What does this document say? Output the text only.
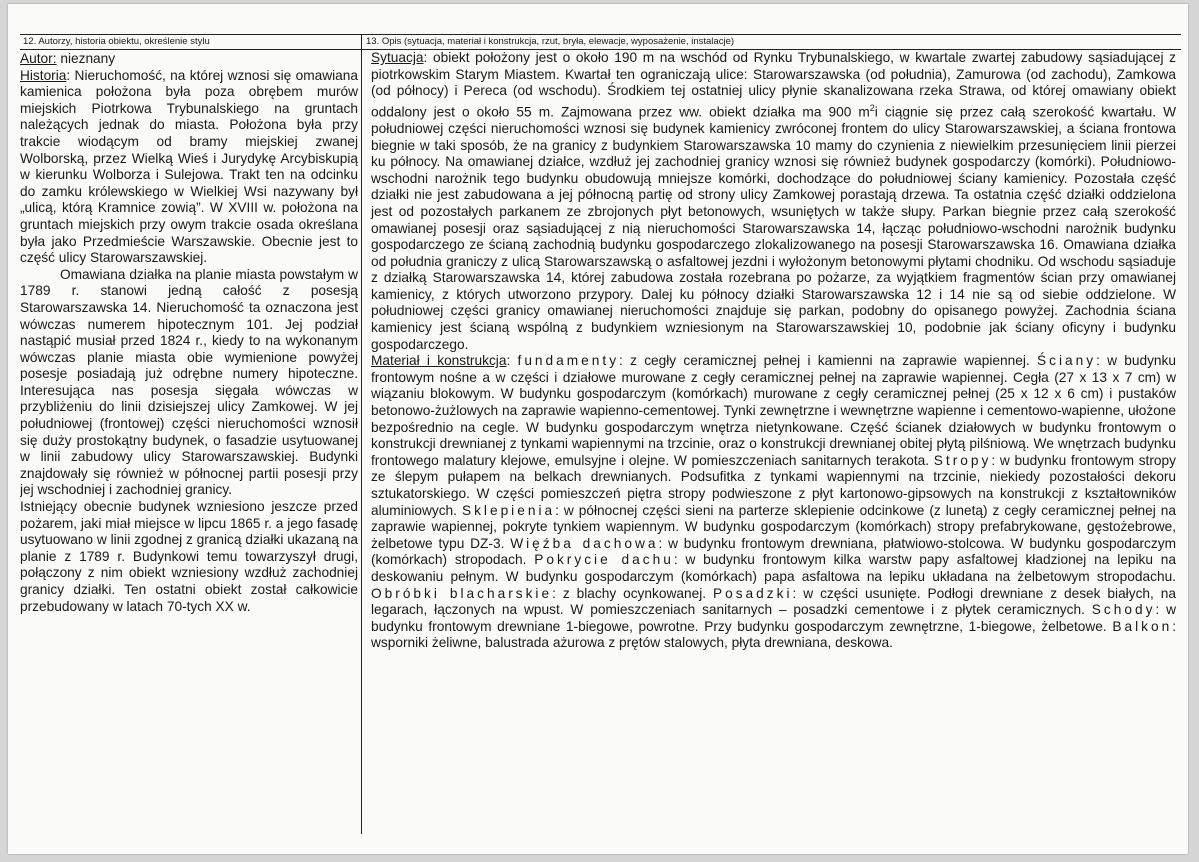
12. Autorzy, historia obiektu, określenie stylu	13. Opis (sytuacja, materiał i konstrukcja, rzut, bryła, elewacje, wyposażenie, instalacje)

Autor: nieznany

Historia: Nieruchomość, na której wznosi się omawiana kamienica położona była poza obrębem murów miejskich Piotrkowa Trybunalskiego na gruntach należących jednak do miasta. Położona była przy trakcie wiodącym od bramy miejskiej zwanej Wolborską, przez Wielką Wieś i Jurydykę Arcybiskupią w kierunku Wolborza i Sulejowa. Trakt ten na odcinku do zamku królewskiego w Wielkiej Wsi nazywany był „ulicą, którą Kramnice zowią”. W XVIII w. położona na gruntach miejskich przy owym trakcie osada określana była jako Przedmieście Warszawskie. Obecnie jest to część ulicy Starowarszawskiej.

Omawiana działka na planie miasta powstałym w 1789 r. stanowi jedną całość z posesją Starowarszawska 14. Nieruchomość ta oznaczona jest wówczas numerem hipotecznym 101. Jej podział nastąpić musiał przed 1824 r., kiedy to na wykonanym wówczas planie miasta obie wymienione powyżej posesje posiadają już odrębne numery hipoteczne. Interesująca nas posesja sięgała wówczas w przybliżeniu do linii dzisiejszej ulicy Zamkowej. W jej południowej (frontowej) części nieruchomości wznosił się duży prostokątny budynek, o fasadzie usytuowanej w linii zabudowy ulicy Starowarszawskiej. Budynki znajdowały się również w północnej partii posesji przy jej wschodniej i zachodniej granicy.

Istniejący obecnie budynek wzniesiono jeszcze przed pożarem, jaki miał miejsce w lipcu 1865 r. a jego fasadę usytuowano w linii zgodnej z granicą działki ukazaną na planie z 1789 r. Budynkowi temu towarzyszył drugi, połączony z nim obiekt wzniesiony wzdłuż zachodniej granicy działki. Ten ostatni obiekt został całkowicie przebudowany w latach 70-tych XX w.

Sytuacja: obiekt położony jest o około 190 m na wschód od Rynku Trybunalskiego, w kwartale zwartej zabudowy sąsiadującej z piotrkowskim Starym Miastem. Kwartał ten ograniczają ulice: Starowarszawska (od południa), Zamurowa (od zachodu), Zamkowa (od północy) i Pereca (od wschodu). Środkiem tej ostatniej ulicy płynie skanalizowana rzeka Strawa, od której omawiany obiekt oddalony jest o około 55 m. Zajmowana przez ww. obiekt działka ma 900 $m^2i$ ciągnie się przez całą szerokość kwartału. W południowej części nieruchomości wznosi się budynek kamienicy zwróconej frontem do ulicy Starowarszawskiej, a ściana frontowa biegnie w taki sposób, że na granicy z budynkiem Starowarszawska 10 mamy do czynienia z niewielkim przesunięciem linii pierzei ku północy. Na omawianej działce, wzdłuż jej zachodniej granicy wznosi się również budynek gospodarczy (komórki). Południowo-wschodni narożnik tego budynku obudowują mniejsze komórki, dochodzące do południowej ściany kamienicy. Pozostała część działki nie jest zabudowana a jej północną partię od strony ulicy Zamkowej porastają drzewa. Ta ostatnia część działki oddzielona jest od pozostałych parkanem ze zbrojonych płyt betonowych, wsuniętych w także słupy. Parkan biegnie przez całą szerokość omawianej posesji oraz sąsiadującej z nią nieruchomości Starowarszawska 14, łącząc południowo-wschodni narożnik budynku gospodarczego ze ścianą zachodnią budynku gospodarczego zlokalizowanego na posesji Starowarszawska 16. Omawiana działka od południa graniczy z ulicą Starowarszawską o asfaltowej jezdni i wyłożonym betonowymi płytami chodniku. Od wschodu sąsiaduje z działką Starowarszawska 14, której zabudowa została rozebrana po pożarze, za wyjątkiem fragmentów ścian przy omawianej kamienicy, z których utworzono przypory. Dalej ku północy działki Starowarszawska 12 i 14 nie są od siebie oddzielone. W południowej części granicy omawianej nieruchomości znajduje się parkan, podobny do opisanego powyżej. Zachodnia ściana kamienicy jest ścianą wspólną z budynkiem wzniesionym na Starowarszawskiej 10, podobnie jak ściany oficyny i budynku gospodarczego.

Materiał i konstrukcja: fundamenty: z cegły ceramicznej pełnej i kamienni na zaprawie wapiennej. Ściany: w budynku frontowym nośne a w części i działowe murowane z cegły ceramicznej pełnej na zaprawie wapiennej. Cegła (27 x 13 x 7 cm) w wiązaniu blokowym. W budynku gospodarczym (komórkach) murowane z cegły ceramicznej pełnej (25 x 12 x 6 cm) i pustaków betonowo-żużlowych na zaprawie wapienno-cementowej. Tynki zewnętrzne i wewnętrzne wapienne i cementowo-wapienne, ułożone bezpośrednio na cegle. W budynku gospodarczym wnętrza nietynkowane. Część ścianek działowych w budynku frontowym o konstrukcji drewnianej z tynkami wapiennymi na trzcinie, oraz o konstrukcji drewnianej obitej płytą pilśniową. We wnętrzach budynku frontowego malatury klejowe, emulsyjne i olejne. W pomieszczeniach sanitarnych terakota. Stropy: w budynku frontowym stropy ze ślepym pułapem na belkach drewnianych. Podsufitka z tynkami wapiennymi na trzcinie, niekiedy pozostałości dekoru sztukatorskiego. W części pomieszczeń piętra stropy podwieszone z płyt kartonowo-gipsowych na konstrukcji z kształtowników aluminiowych. Sklepienia: w północnej części sieni na parterze sklepienie odcinkowe (z lunetą) z cegły ceramicznej pełnej na zaprawie wapiennej, pokryte tynkiem wapiennym. W budynku gospodarczym (komórkach) stropy prefabrykowane, gęstożebrowe, żelbetowe typu DZ-3. Więźba dachowa: w budynku frontowym drewniana, płatwiowo-stolcowa. W budynku gospodarczym (komórkach) stropodach. Pokrycie dachu: w budynku frontowym kilka warstw papy asfaltowej kładzionej na lepiku na deskowaniu pełnym. W budynku gospodarczym (komórkach) papa asfaltowa na lepiku układana na żelbetowym stropodachu. Obróbki blacharskie: z blachy ocynkowanej. Posadzki: w części usunięte. Podłogi drewniane z desek białych, na legarach, łączonych na wpust. W pomieszczeniach sanitarnych – posadzki cementowe i z płytek ceramicznych. Schody: w budynku frontowym drewniane 1-biegowe, powrotne. Przy budynku gospodarczym zewnętrzne, 1-biegowe, żelbetowe. Balkon: wsporniki żeliwne, balustrada ażurowa z prętów stalowych, płyta drewniana, deskowa.
